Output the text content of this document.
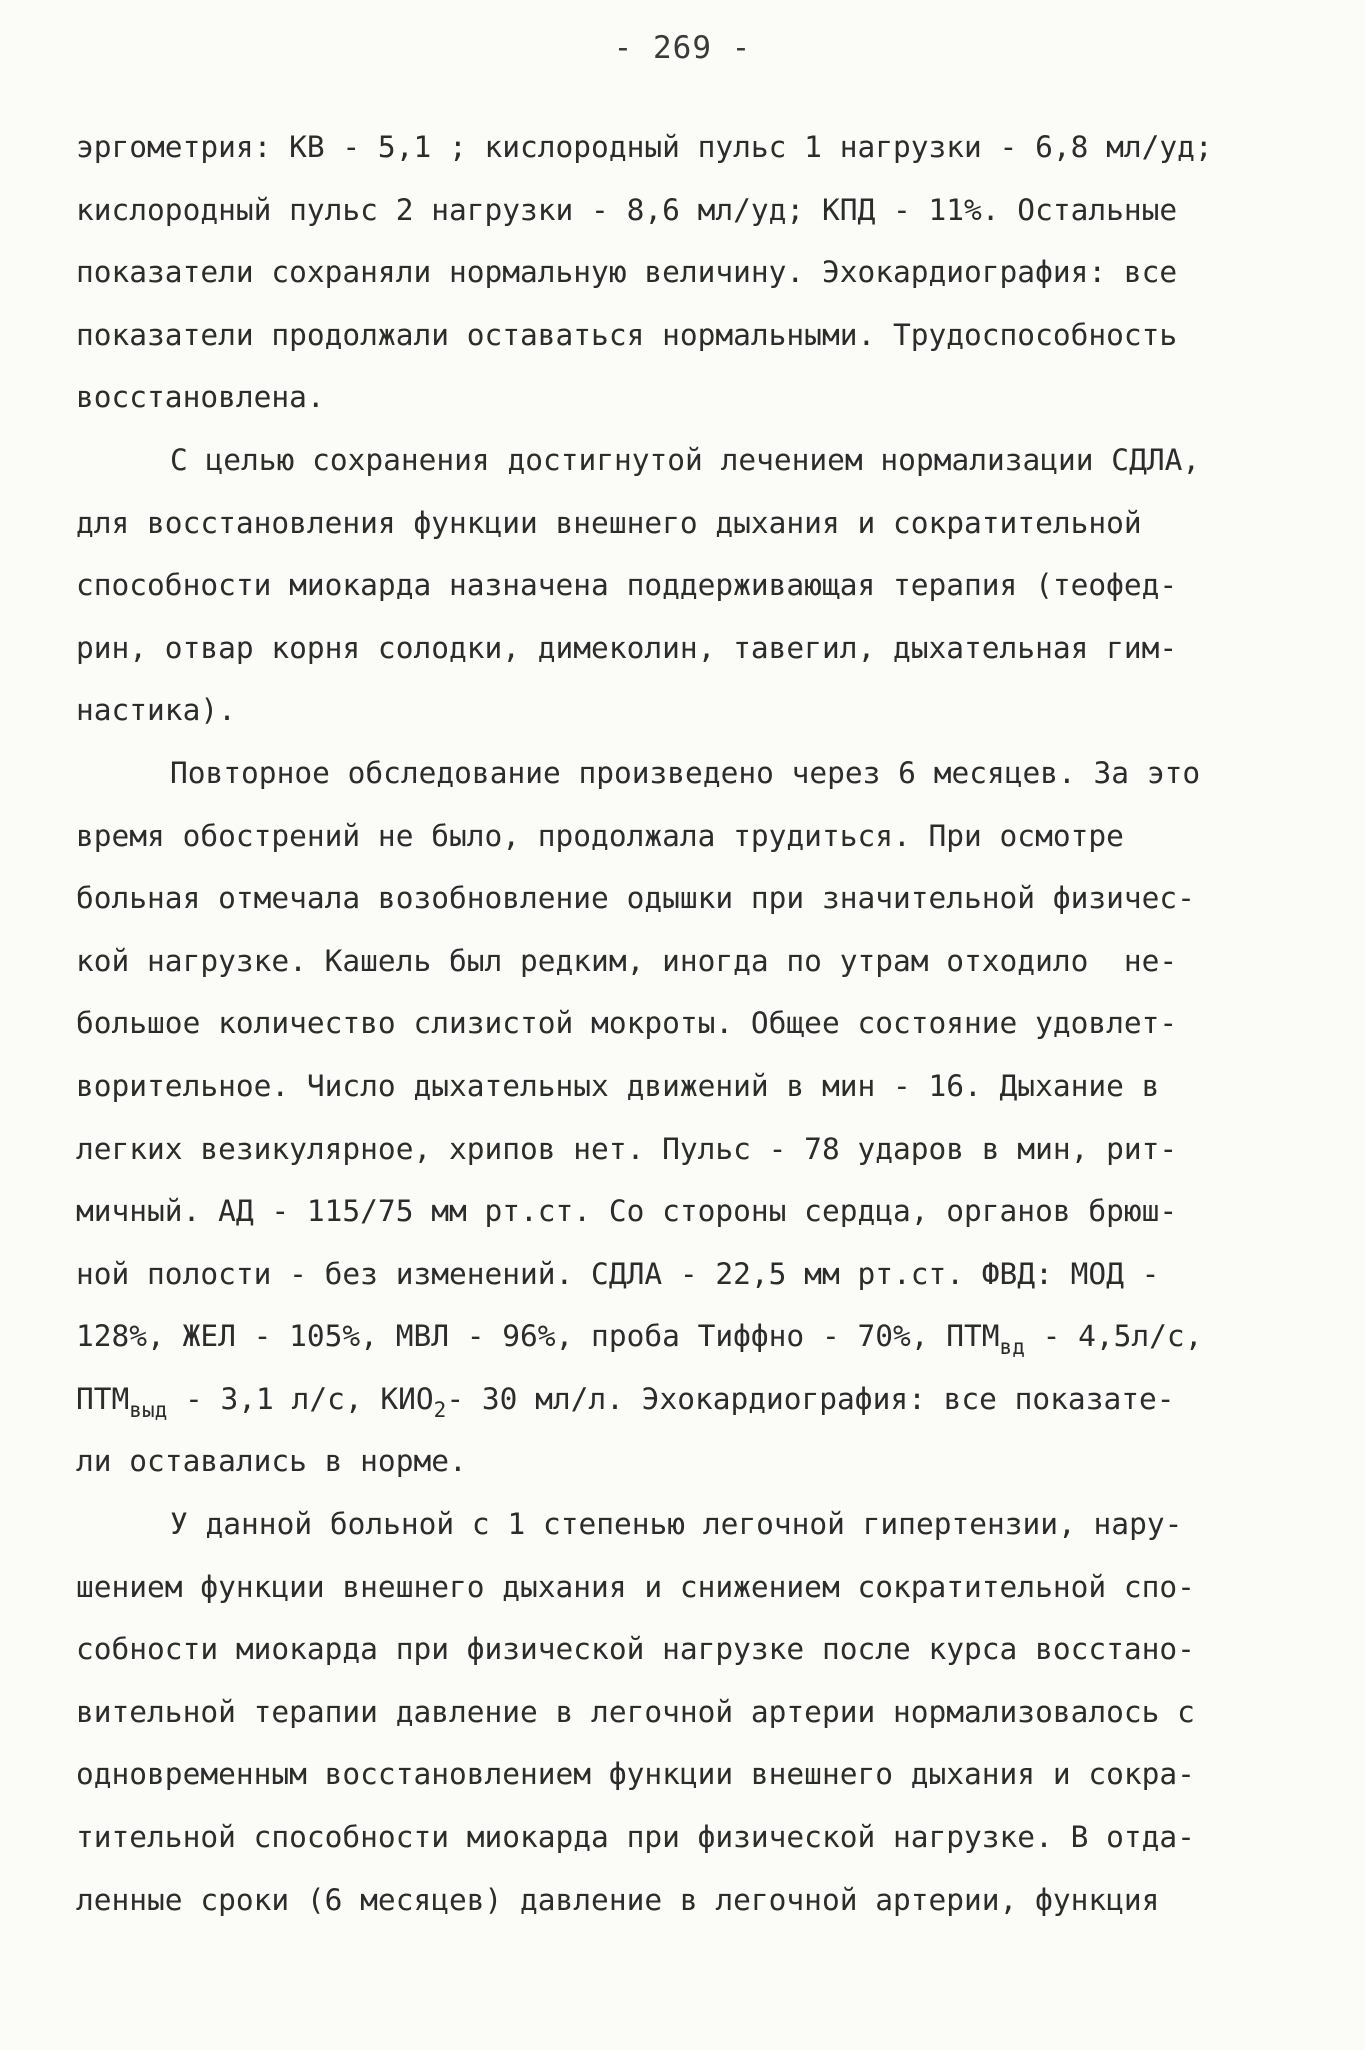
- 269 -
эргометрия: КВ - 5,1 ; кислородный пульс 1 нагрузки - 6,8 мл/уд;
кислородный пульс 2 нагрузки - 8,6 мл/уд; КПД - 11%. Остальные
показатели сохраняли нормальную величину. Эхокардиография: все
показатели продолжали оставаться нормальными. Трудоспособность
восстановлена.
С целью сохранения достигнутой лечением нормализации СДЛА,
для восстановления функции внешнего дыхания и сократительной
способности миокарда назначена поддерживающая терапия (теофед-
рин, отвар корня солодки, димеколин, тавегил, дыхательная гим-
настика).
Повторное обследование произведено через 6 месяцев. За это
время обострений не было, продолжала трудиться. При осмотре
больная отмечала возобновление одышки при значительной физичес-
кой нагрузке. Кашель был редким, иногда по утрам отходило  не-
большое количество слизистой мокроты. Общее состояние удовлет-
ворительное. Число дыхательных движений в мин - 16. Дыхание в
легких везикулярное, хрипов нет. Пульс - 78 ударов в мин, рит-
мичный. АД - 115/75 мм рт.ст. Со стороны сердца, органов брюш-
ной полости - без изменений. СДЛА - 22,5 мм рт.ст. ФВД: МОД -
128%, ЖЕЛ - 105%, МВЛ - 96%, проба Тиффно - 70%, $ПТМ_{вд} - 4,5л/с$,
$ПТМ_{выд} - 3,1$ л/с, $КИО_2-$ 30 мл/л. Эхокардиография: все показате-
ли оставались в норме.
У данной больной с 1 степенью легочной гипертензии, нару-
шением функции внешнего дыхания и снижением сократительной спо-
собности миокарда при физической нагрузке после курса восстано-
вительной терапии давление в легочной артерии нормализовалось с
одновременным восстановлением функции внешнего дыхания и сокра-
тительной способности миокарда при физической нагрузке. В отда-
ленные сроки (6 месяцев) давление в легочной артерии, функция
